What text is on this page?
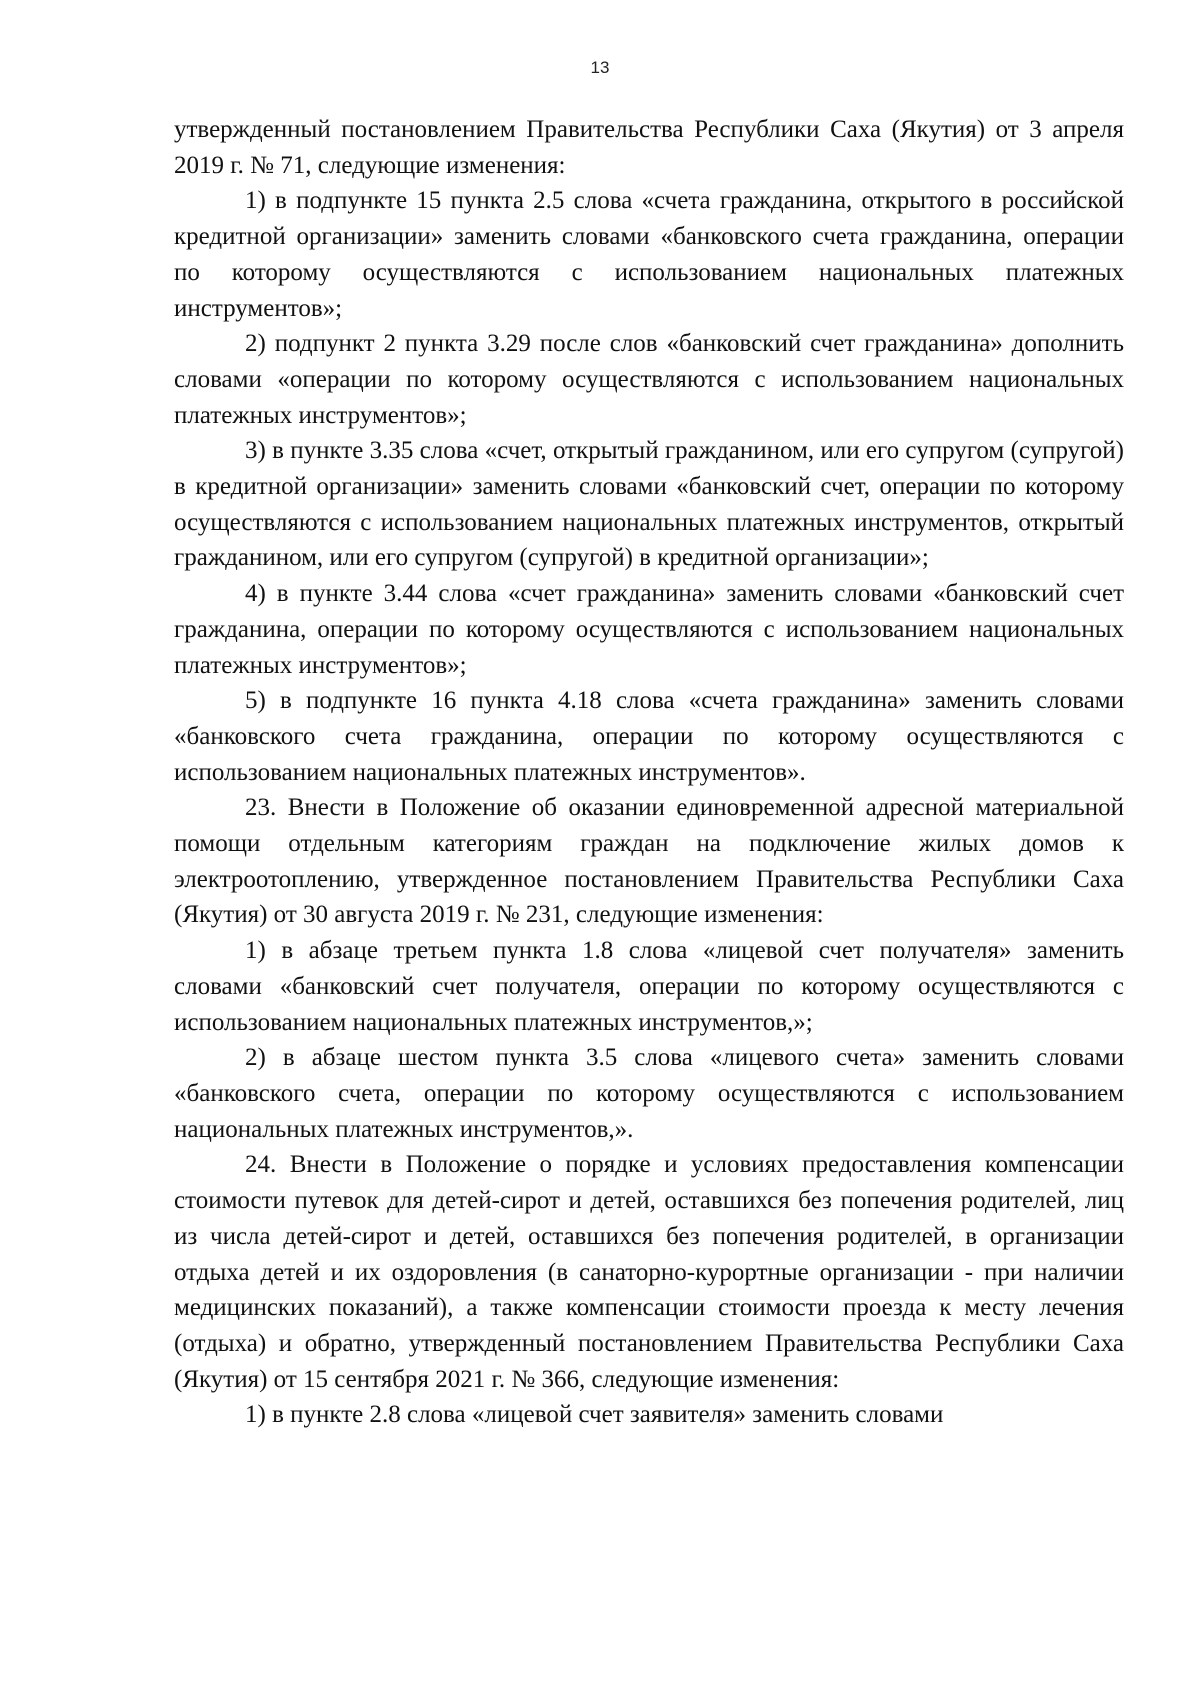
13

утвержденный постановлением Правительства Республики Саха (Якутия) от 3 апреля 2019 г. № 71, следующие изменения:

1) в подпункте 15 пункта 2.5 слова «счета гражданина, открытого в российской кредитной организации» заменить словами «банковского счета гражданина, операции по которому осуществляются с использованием национальных платежных инструментов»;

2) подпункт 2 пункта 3.29 после слов «банковский счет гражданина» дополнить словами «операции по которому осуществляются с использованием национальных платежных инструментов»;

3) в пункте 3.35 слова «счет, открытый гражданином, или его супругом (супругой) в кредитной организации» заменить словами «банковский счет, операции по которому осуществляются с использованием национальных платежных инструментов, открытый гражданином, или его супругом (супругой) в кредитной организации»;

4) в пункте 3.44 слова «счет гражданина» заменить словами «банковский счет гражданина, операции по которому осуществляются с использованием национальных платежных инструментов»;

5) в подпункте 16 пункта 4.18 слова «счета гражданина» заменить словами «банковского счета гражданина, операции по которому осуществляются с использованием национальных платежных инструментов».

23. Внести в Положение об оказании единовременной адресной материальной помощи отдельным категориям граждан на подключение жилых домов к электроотоплению, утвержденное постановлением Правительства Республики Саха (Якутия) от 30 августа 2019 г. № 231, следующие изменения:

1) в абзаце третьем пункта 1.8 слова «лицевой счет получателя» заменить словами «банковский счет получателя, операции по которому осуществляются с использованием национальных платежных инструментов,»;

2) в абзаце шестом пункта 3.5 слова «лицевого счета» заменить словами «банковского счета, операции по которому осуществляются с использованием национальных платежных инструментов,».

24. Внести в Положение о порядке и условиях предоставления компенсации стоимости путевок для детей-сирот и детей, оставшихся без попечения родителей, лиц из числа детей-сирот и детей, оставшихся без попечения родителей, в организации отдыха детей и их оздоровления (в санаторно-курортные организации - при наличии медицинских показаний), а также компенсации стоимости проезда к месту лечения (отдыха) и обратно, утвержденный постановлением Правительства Республики Саха (Якутия) от 15 сентября 2021 г. № 366, следующие изменения:

1) в пункте 2.8 слова «лицевой счет заявителя» заменить словами
